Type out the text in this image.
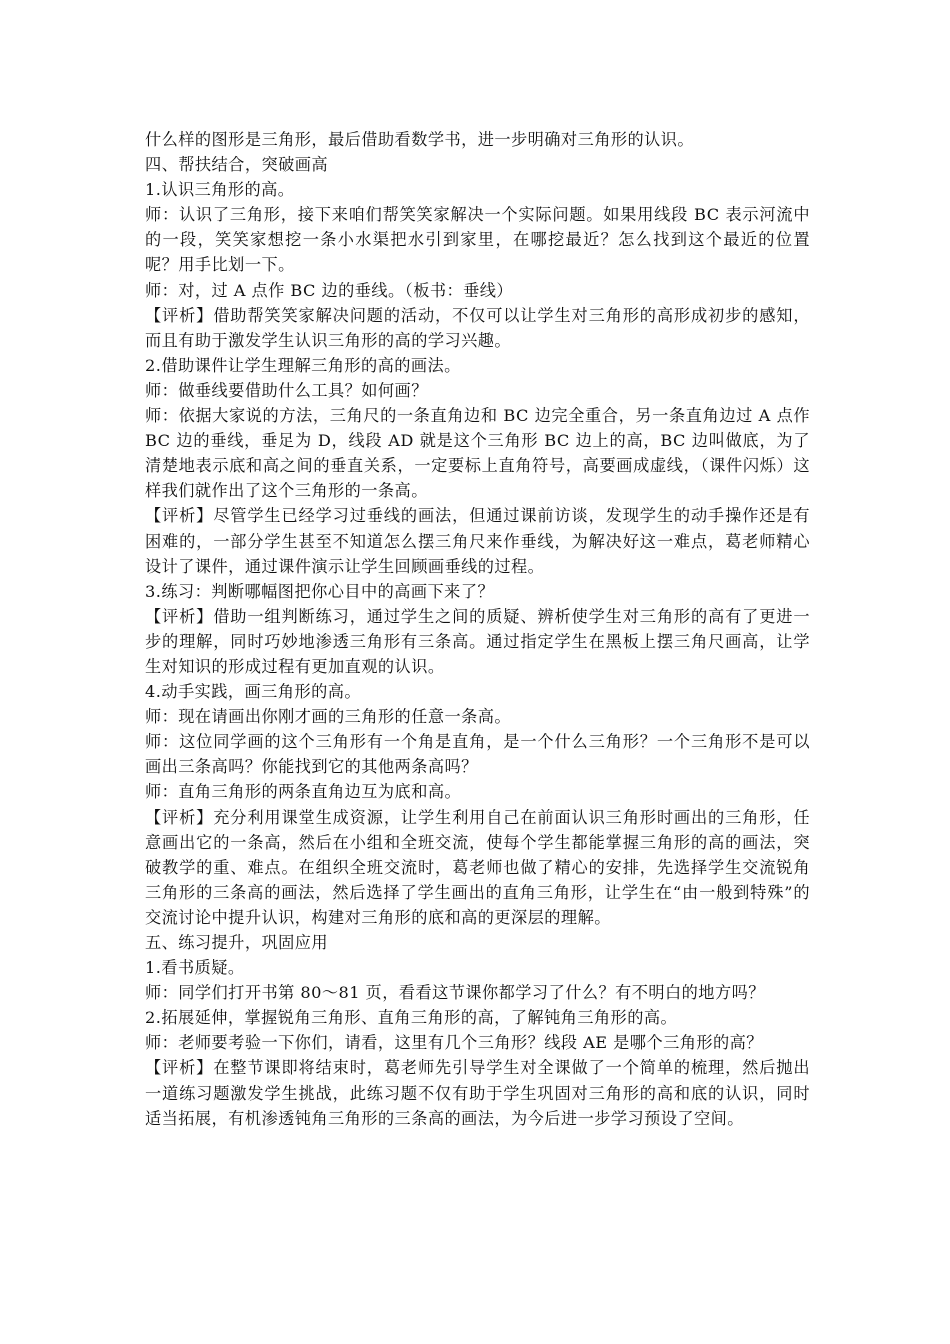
什么样的图形是三角形，最后借助看数学书，进一步明确对三角形的认识。

四、帮扶结合，突破画高

1.认识三角形的高。

师：认识了三角形，接下来咱们帮笑笑家解决一个实际问题。如果用线段 BC 表示河流中的一段，笑笑家想挖一条小水渠把水引到家里，在哪挖最近？怎么找到这个最近的位置呢？用手比划一下。

师：对，过 A 点作 BC 边的垂线。（板书：垂线）

【评析】借助帮笑笑家解决问题的活动，不仅可以让学生对三角形的高形成初步的感知，而且有助于激发学生认识三角形的高的学习兴趣。

2.借助课件让学生理解三角形的高的画法。

师：做垂线要借助什么工具？如何画？

师：依据大家说的方法，三角尺的一条直角边和 BC 边完全重合，另一条直角边过 A 点作 BC 边的垂线，垂足为 D，线段 AD 就是这个三角形 BC 边上的高，BC 边叫做底，为了清楚地表示底和高之间的垂直关系，一定要标上直角符号，高要画成虚线，（课件闪烁）这样我们就作出了这个三角形的一条高。

【评析】尽管学生已经学习过垂线的画法，但通过课前访谈，发现学生的动手操作还是有困难的，一部分学生甚至不知道怎么摆三角尺来作垂线，为解决好这一难点，葛老师精心设计了课件，通过课件演示让学生回顾画垂线的过程。

3.练习：判断哪幅图把你心目中的高画下来了？

【评析】借助一组判断练习，通过学生之间的质疑、辨析使学生对三角形的高有了更进一步的理解，同时巧妙地渗透三角形有三条高。通过指定学生在黑板上摆三角尺画高，让学生对知识的形成过程有更加直观的认识。

4.动手实践，画三角形的高。

师：现在请画出你刚才画的三角形的任意一条高。

师：这位同学画的这个三角形有一个角是直角，是一个什么三角形？一个三角形不是可以画出三条高吗？你能找到它的其他两条高吗？

师：直角三角形的两条直角边互为底和高。

【评析】充分利用课堂生成资源，让学生利用自己在前面认识三角形时画出的三角形，任意画出它的一条高，然后在小组和全班交流，使每个学生都能掌握三角形的高的画法，突破教学的重、难点。在组织全班交流时，葛老师也做了精心的安排，先选择学生交流锐角三角形的三条高的画法，然后选择了学生画出的直角三角形，让学生在“由一般到特殊”的交流讨论中提升认识，构建对三角形的底和高的更深层的理解。

五、练习提升，巩固应用

1.看书质疑。

师：同学们打开书第 80～81 页，看看这节课你都学习了什么？有不明白的地方吗？

2.拓展延伸，掌握锐角三角形、直角三角形的高，了解钝角三角形的高。

师：老师要考验一下你们，请看，这里有几个三角形？线段 AE 是哪个三角形的高？

【评析】在整节课即将结束时，葛老师先引导学生对全课做了一个简单的梳理，然后抛出一道练习题激发学生挑战，此练习题不仅有助于学生巩固对三角形的高和底的认识，同时适当拓展，有机渗透钝角三角形的三条高的画法，为今后进一步学习预设了空间。
